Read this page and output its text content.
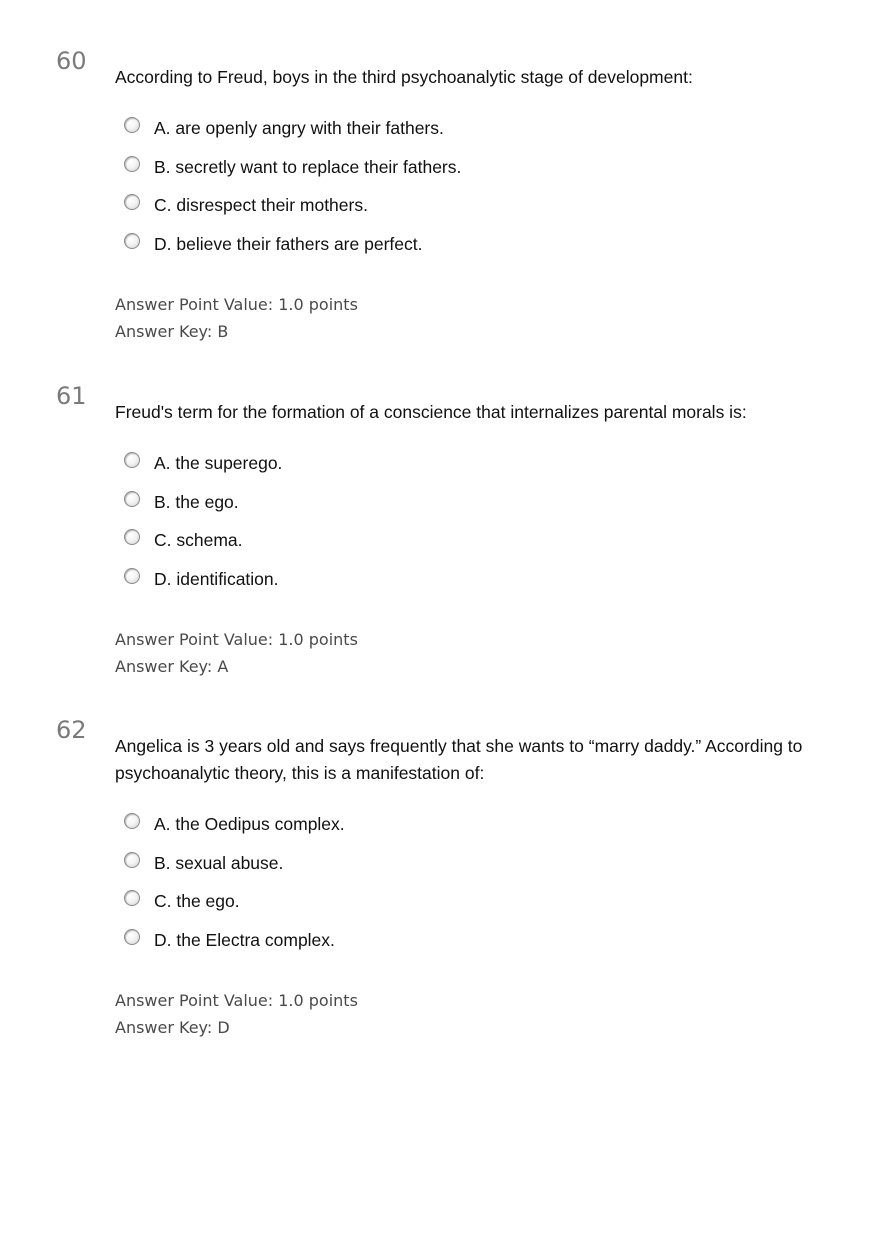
60
According to Freud, boys in the third psychoanalytic stage of development:
A. are openly angry with their fathers.
B. secretly want to replace their fathers.
C. disrespect their mothers.
D. believe their fathers are perfect.
Answer Point Value: 1.0 points
Answer Key: B
61
Freud's term for the formation of a conscience that internalizes parental morals is:
A. the superego.
B. the ego.
C. schema.
D. identification.
Answer Point Value: 1.0 points
Answer Key: A
62
Angelica is 3 years old and says frequently that she wants to “marry daddy.” According to psychoanalytic theory, this is a manifestation of:
A. the Oedipus complex.
B. sexual abuse.
C. the ego.
D. the Electra complex.
Answer Point Value: 1.0 points
Answer Key: D
